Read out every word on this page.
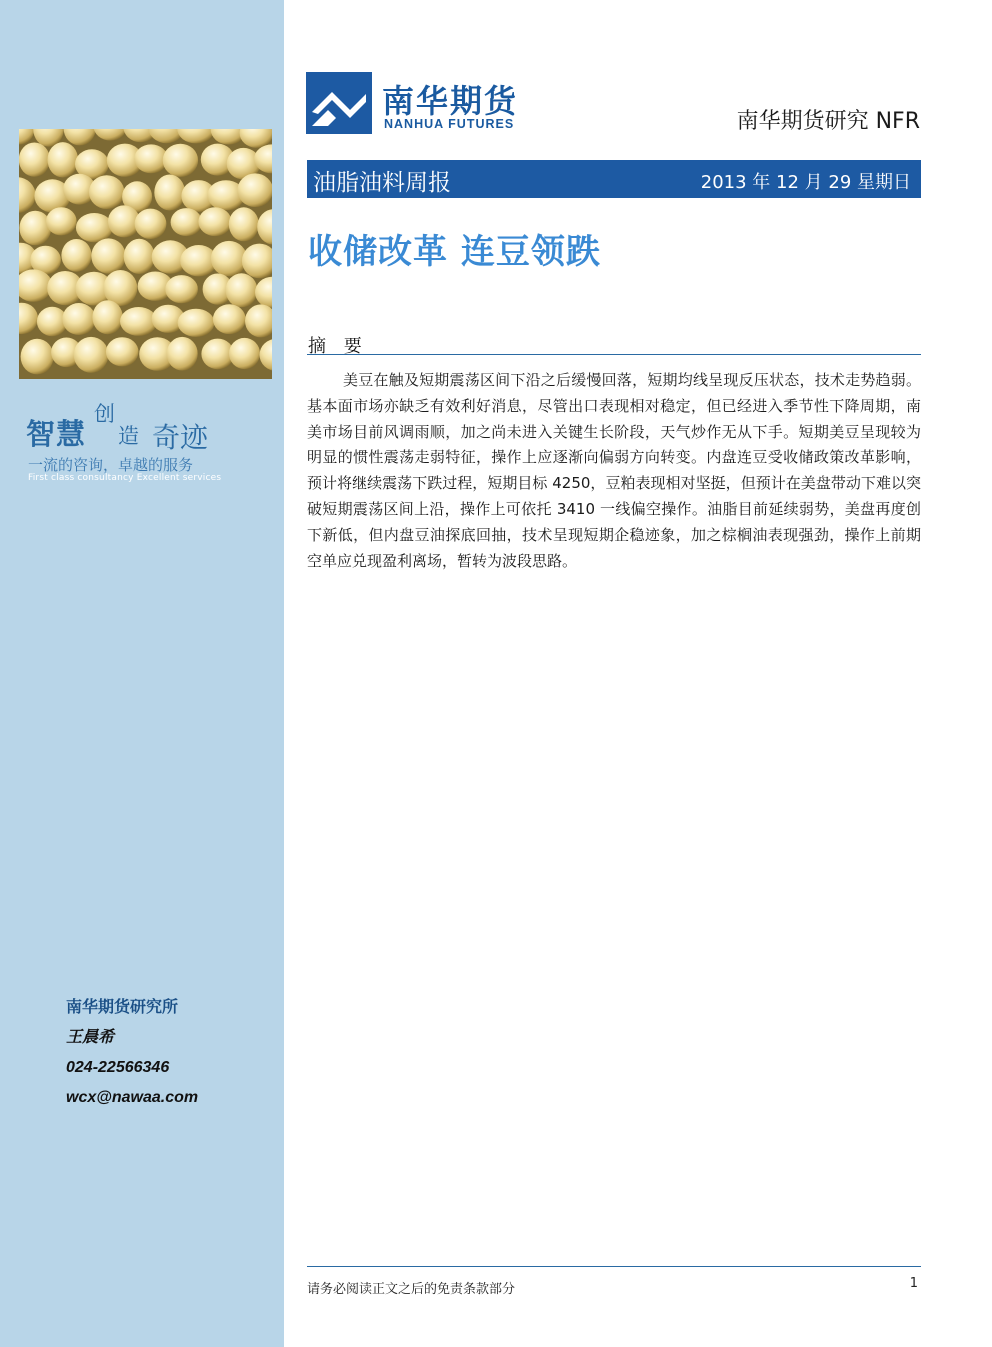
智慧
创
造 奇迹
一流的咨询，卓越的服务
First class consultancy Excellent services
南华期货研究所
王晨希
024-22566346
wcx@nawaa.com
南华期货
NANHUA FUTURES	南华期货研究 NFR
油脂油料周报	2013 年 12 月 29 星期日
收储改革 连豆领跌
摘 要
美豆在触及短期震荡区间下沿之后缓慢回落，短期均线呈现反压状态，技术走势趋弱。基本面市场亦缺乏有效利好消息，尽管出口表现相对稳定，但已经进入季节性下降周期，南美市场目前风调雨顺，加之尚未进入关键生长阶段，天气炒作无从下手。短期美豆呈现较为明显的惯性震荡走弱特征，操作上应逐渐向偏弱方向转变。内盘连豆受收储政策改革影响，预计将继续震荡下跌过程，短期目标 4250，豆粕表现相对坚挺，但预计在美盘带动下难以突破短期震荡区间上沿，操作上可依托 3410 一线偏空操作。油脂目前延续弱势，美盘再度创下新低，但内盘豆油探底回抽，技术呈现短期企稳迹象，加之棕榈油表现强劲，操作上前期空单应兑现盈利离场，暂转为波段思路。
请务必阅读正文之后的免责条款部分	1
